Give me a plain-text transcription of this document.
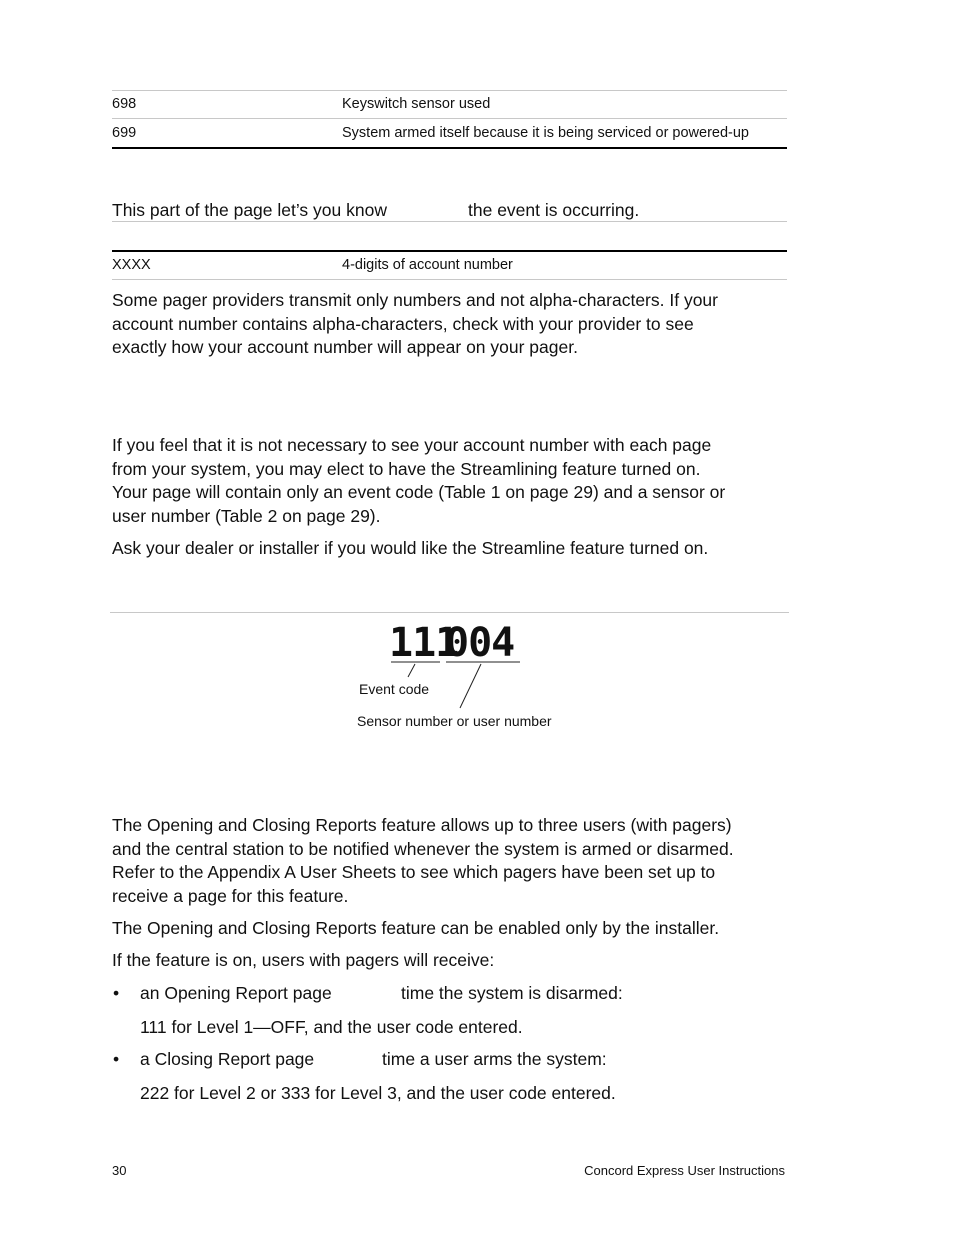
698	Keyswitch sensor used
699	System armed itself because it is being serviced or powered-up
This part of the page let’s you know	the event is occurring.
XXXX	4-digits of account number
Some pager providers transmit only numbers and not alpha-characters. If your
account number contains alpha-characters, check with your provider to see
exactly how your account number will appear on your pager.
If you feel that it is not necessary to see your account number with each page
from your system, you may elect to have the Streamlining feature turned on.
Your page will contain only an event code (Table 1 on page 29) and a sensor or
user number (Table 2 on page 29).
Ask your dealer or installer if you would like the Streamline feature turned on.
111
004
Event code
Sensor number or user number
The Opening and Closing Reports feature allows up to three users (with pagers)
and the central station to be notified whenever the system is armed or disarmed.
Refer to the Appendix A User Sheets to see which pagers have been set up to
receive a page for this feature.
The Opening and Closing Reports feature can be enabled only by the installer.
If the feature is on, users with pagers will receive:
• an Opening Report page	time the system is disarmed:
111 for Level 1—OFF, and the user code entered.
• a Closing Report page	time a user arms the system:
222 for Level 2 or 333 for Level 3, and the user code entered.
30	Concord Express User Instructions
